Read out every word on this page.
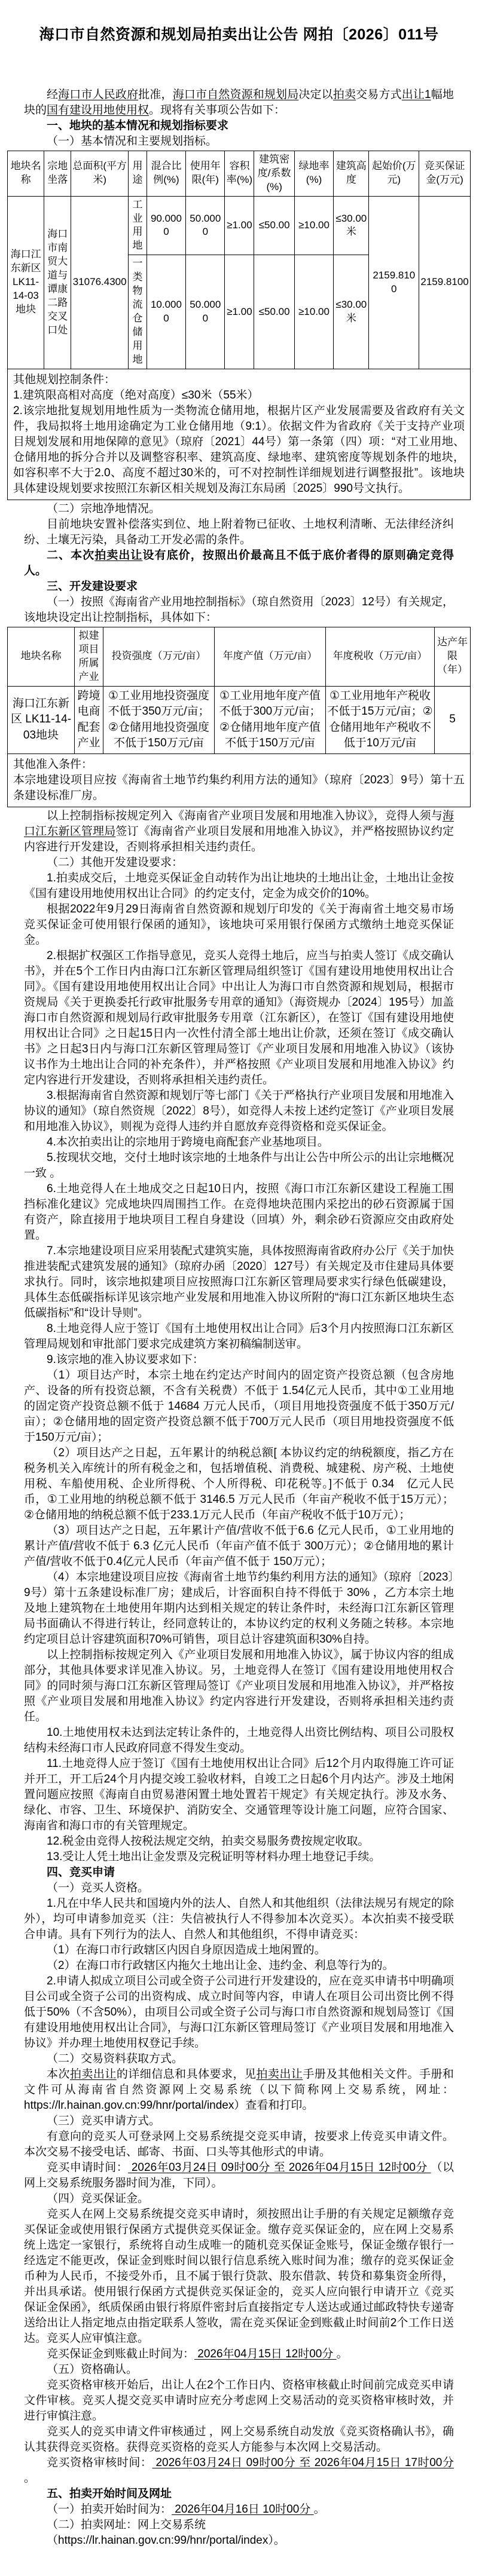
海口市自然资源和规划局拍卖出让公告 网拍〔2026〕011号

经海口市人民政府批准，海口市自然资源和规划局决定以拍卖交易方式出让1幅地块的国有建设用地使用权。现将有关事项公告如下：

一、地块的基本情况和规划指标要求

（一）基本情况和主要规划指标。

地块名称	宗地坐落	总面积(平方米)	用途	混合比例(%)	使用年限(年)	容积率(%)	建筑密度/系数(%)	绿地率(%)	建筑高度	起始价(万元)	竞买保证金(万元)
海口江东新区LK11-14-03地块	海口市南贸大道与谭康二路交叉口处	31076.4300	工业用地	90.0000	50.0000	≥1.00	≤50.00	≥10.00	≤30.00米	2159.8100	2159.8100
			一类物流仓储用地	10.0000	50.0000	≥1.00	≤50.00	≥10.00	≤30.00米		

其他规划控制条件：
1.建筑限高相对高度（绝对高度）≤30米（55米）
2.该宗地批复规划用地性质为一类物流仓储用地，根据片区产业发展需要及省政府有关文件，我局拟将土地用途确定为工业仓储用地（9:1）。依据文件为省政府《关于支持产业项目规划发展和用地保障的意见》（琼府〔2021〕44号）第一条第（四）项：“对工业用地、仓储用地的拆分合并以及调整容积率、建筑高度、绿地率、建筑密度等规划条件的地块，如容积率不大于2.0、高度不超过30米的，可不对控制性详细规划进行调整报批”。该地块具体建设规划要求按照江东新区相关规划及海江东局函〔2025〕990号文执行。											

（二）宗地净地情况。

目前地块安置补偿落实到位、地上附着物已征收、土地权利清晰、无法律经济纠纷、土壤无污染，具备动工开发必需的条件。

二、本次拍卖出让设有底价，按照出价最高且不低于底价者得的原则确定竞得人。
三、开发建设要求

（一）按照《海南省产业用地控制指标》（琼自然资用〔2023〕12号）有关规定，该地块设定出让控制指标，具体如下：

地块名称	拟建项目所属产业	投资强度（万元/亩）	年度产值（万元/亩）	年度税收（万元/亩）	达产年限（年）
海口江东新区 LK11-14-03地块	跨境电商配套产业	①工业用地投资强度不低于350万元/亩；②仓储用地投资强度不低于150万元/亩	①工业用地年度产值不低于300万元/亩；②仓储用地年度产值不低于150万元/亩	①工业用地年产税收不低于15万元/亩；②仓储用地年产税收不低于10万元/亩	5

其他准入条件：
本宗地建设项目应按《海南省土地节约集约利用方法的通知》（琼府〔2023〕9号）第十五条建设标准厂房。					

以上控制指标按规定列入《海南省产业项目发展和用地准入协议》，竞得人须与海口江东新区管理局签订《海南省产业项目发展和用地准入协议》，并严格按照协议约定内容进行开发建设，否则将承担相关违约责任。

（二）其他开发建设要求：

1.拍卖成交后，土地竞买保证金自动转作为出让地块的土地出让金，土地出让金按《国有建设用地使用权出让合同》的约定支付，定金为成交价的10%。

根据2022年9月29日海南省自然资源和规划厅印发的《关于海南省土地交易市场竞买保证金可使用银行保函的通知》，该地块可采用银行保函方式缴纳土地竞买保证金。

2.根据扩权强区工作指导意见，竞买人竞得土地后，应当与拍卖人签订《成交确认书》，并在5个工作日内由海口江东新区管理局组织签订《国有建设用地使用权出让合同》。《国有建设用地使用权出让合同》中出让人为海口市自然资源和规划局，根据市资规局《关于更换委托行政审批服务专用章的通知》（海资规办〔2024〕195号）加盖海口市自然资源和规划局行政审批服务专用章（江东新区），在签订《国有建设用地使用权出让合同》之日起15日内一次性付清全部土地出让价款，还须在签订《成交确认书》之日起3日内与海口江东新区管理局签订《产业项目发展和用地准入协议》（该协议书作为土地出让合同的补充条件），并严格按照《产业项目发展和用地准入协议》约定内容进行开发建设，否则将承担相关违约责任。

3.根据海南省自然资源和规划厅等七部门《关于严格执行产业项目发展和用地准入协议的通知》（琼自然资规〔2022〕8号），如竞得人未按上述约定签订《产业项目发展和用地准入协议》，则视为竞得人违约并自愿放弃竞得资格和竞买保证金。

4.本次拍卖出让的宗地用于跨境电商配套产业基地项目。

5.按现状交地，交付土地时该宗地的土地条件与出让公告中所公示的出让宗地概况一致 。

6.土地竞得人在土地成交之日起10日内，按照《海口市江东新区建设工程施工围挡标准化建议》完成地块四周围挡工作。在竞得地块范围内采挖出的砂石资源属于国有资产，除直接用于地块项目工程自身建设（回填）外，剩余砂石资源应交由政府处置。

7.本宗地建设项目应采用装配式建筑实施，具体按照海南省政府办公厅《关于加快推进装配式建筑发展的通知》（琼府办函〔2020〕127号）有关规定及市住建局具体要求执行。同时，该宗地拟建项目应按照海口江东新区管理局要求实行绿色低碳建设，具体生态低碳指标详见该宗地产业发展和用地准入协议所附的“海口江东新区地块生态低碳指标”和“设计导则”。

8.土地竞得人应于签订《国有土地使用权出让合同》后3个月内按照海口江东新区管理局规划和审批部门要求完成建筑方案初稿编制送审。

9.该宗地的准入协议要求如下：

（1）项目达产时，本宗土地在约定达产时间内的固定资产投资总额（包含房地产、设备的所有投资总额，不含有关税费）不低于 1.54亿元人民币，其中①工业用地的固定资产投资总额不低于 14684 万元人民币，（项目用地投资强度不低于350万元/亩）；②仓储用地的固定资产投资总额不低于700万元人民币（项目用地投资强度不低于150万元/亩）；

（2）项目达产之日起，五年累计的纳税总额[ 本协议约定的纳税额度，指乙方在税务机关入库统计的所有税金之和，包括增值税、消费税、城建税、房产税、土地使用税、车船使用税、企业所得税、个人所得税、印花税等。]不低于 0.34　亿元人民币，①工业用地的纳税总额不低于 3146.5 万元人民币（年亩产税收不低于15万元）；②仓储用地的纳税总额不低于233.1万元人民币（年亩产税收不低于10万元）；

（3）项目达产之日起，五年累计产值/营收不低于6.6 亿元人民币，①工业用地的累计产值/营收不低于 6.3 亿元人民币（年亩产值不低于 300万元）；②仓储用地的累计产值/营收不低于0.4亿元人民币（年亩产值不低于 150万元）；

（4）本宗地建设项目应按《海南省土地节约集约利用方法的通知》（琼府〔2023〕9号）第十五条建设标准厂房；建成后，计容面积自持不得低于 30% ，乙方本宗土地及地上建筑物在土地使用年期内达到相关规定的转让条件时，未经海口江东新区管理局书面确认不得进行转让，经同意转让的，本协议约定的权利义务随之转移。本宗地约定项目总计容建筑面积70%可销售，项目总计容建筑面积30%自持。

以上控制指标按规定列入《产业项目发展和用地准入协议》，属于协议内容的组成部分，其他具体要求详见准入协议。另，土地竞得人在签订《国有建设用地使用权合同》的同时须与海口江东新区管理局签订《产业项目发展和用地准入协议》，并严格按照《产业项目发展和用地准入协议》约定内容进行开发建设，否则将承担相关违约责任。

10.土地使用权未达到法定转让条件的，土地竞得人出资比例结构、项目公司股权结构未经海口市人民政府同意不得发生变动。

11.土地竞得人应于签订《国有土地使用权出让合同》后12个月内取得施工许可证并开工，开工后24个月内提交竣工验收材料，自竣工之日起6个月内达产。涉及土地闲置问题应按照《海南自由贸易港闲置土地处置若干规定》有关规定执行。涉及水务、绿化、市容、卫生、环境保护、消防安全、交通管理等设计施工问题，应符合国家、海南省和海口市的有关管理规定。

12.税金由竞得人按税法规定交纳，拍卖交易服务费按规定收取。

13.受让人凭土地出让金发票及完税证明等材料办理土地登记手续。

四、竞买申请

（一）竞买人资格。

1.凡在中华人民共和国境内外的法人、自然人和其他组织（法律法规另有规定的除外），均可申请参加竞买（注：失信被执行人不得参加本次竞买）。本次拍卖不接受联合申请。具有下列行为的法人、自然人和其他组织，不得申请竞买：

（1）在海口市行政辖区内因自身原因造成土地闲置的。

（2）在海口市行政辖区内拖欠土地出让金、违约金、利息等行为的。

2.申请人拟成立项目公司或全资子公司进行开发建设的，应在竞买申请书中明确项目公司或全资子公司的出资构成、成立时间等内容，申请人在项目公司出资比例不得低于50%（不含50%），由项目公司或全资子公司与海口市自然资源和规划局签订《国有建设用地使用权出让合同》，与海口江东新区管理局签订《产业项目发展和用地准入协议》并办理土地使用权登记手续。

（二）交易资料获取方式。

本次拍卖出让的详细信息和具体要求，见拍卖出让手册及其他相关文件。手册和文件可从海南省自然资源网上交易系统（以下简称网上交易系统，网址：https://lr.hainan.gov.cn:99/hnr/portal/index）查看和打印。

（三）竞买申请方式。

有意向的竞买人可登录网上交易系统提交竞买申请，按要求上传竞买申请文件。本次交易不接受电话、邮寄、书面、口头等其他形式的申请。

竞买申请时间： 2026年03月24日 09时00分 至 2026年04月15日 12时00分 （以网上交易系统服务器时间为准，下同）。

（四）竞买保证金。

竞买人在网上交易系统提交竞买申请时，须按照出让手册的有关规定足额缴存竞买保证金或使用银行保函方式提供竞买保证金。缴存竞买保证金的，应在网上交易系统上选定一家银行，系统将自动生成唯一的随机竞买保证金账号，保证金缴存银行一经选定不能更改，保证金到账时间以银行信息系统入账时间为准；缴存的竞买保证金币种为人民币，不接受外币，且不属于银行贷款、股东借款、转贷和募集资金所得，并出具承诺。使用银行保函方式提供竞买保证金的，竞买人应向银行申请开立《竞买保证金保函》，纸质保函由银行将原件密封后直接指定专人送达或通过邮政特快专递寄送给出让人指定地点由指定联系人签收，需在竞买保证金到账截止时间前2个工作日送达。竞买人应审慎注意。

竞买保证金到账截止时间为： 2026年04月15日 12时00分 。

（五）资格确认。

竞买资格审核开始后，出让人在2个工作日内、资格审核截止时间前完成竞买申请文件审核。竞买人提交竞买申请时应充分考虑网上交易活动的竞买资格审核时效，并进行审慎注意。

竞买人的竞买申请文件审核通过 ，网上交易系统自动发放《竞买资格确认书》，确认其获得竞买资格。获得竞买资格的竞买人方能参与本次网上交易活动。

竞买资格审核时间： 2026年03月24日 09时00分 至 2026年04月15日 17时00分 。

五、拍卖开始时间及网址

（一）拍卖开始时间为： 2026年04月16日 10时00分 。

（二）拍卖网址：网上交易系统

（https://lr.hainan.gov.cn:99/hnr/portal/index）。
